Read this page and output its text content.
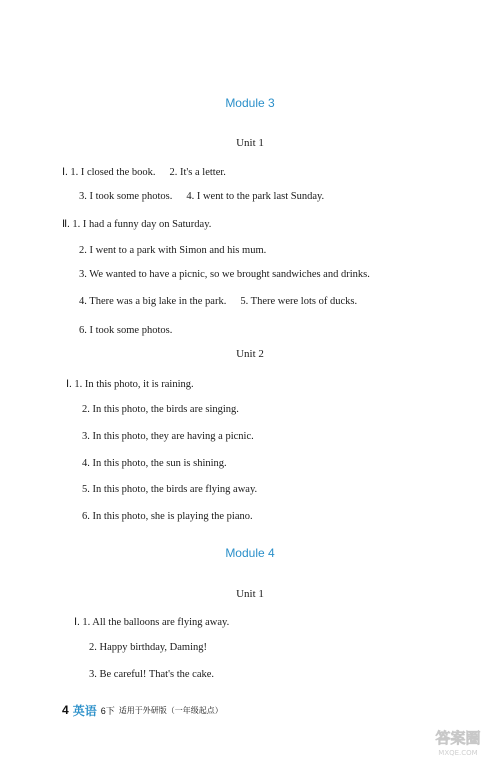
Module 3
Unit 1
Ⅰ. 1. I closed the book. 2. It's a letter.
3. I took some photos. 4. I went to the park last Sunday.
Ⅱ. 1. I had a funny day on Saturday.
2. I went to a park with Simon and his mum.
3. We wanted to have a picnic, so we brought sandwiches and drinks.
4. There was a big lake in the park. 5. There were lots of ducks.
6. I took some photos.
Unit 2
Ⅰ. 1. In this photo, it is raining.
2. In this photo, the birds are singing.
3. In this photo, they are having a picnic.
4. In this photo, the sun is shining.
5. In this photo, the birds are flying away.
6. In this photo, she is playing the piano.
Module 4
Unit 1
Ⅰ. 1. All the balloons are flying away.
2. Happy birthday, Daming!
3. Be careful! That's the cake.
4 英语 6下 适用于外研版（一年级起点）
答案圈
MXQE.COM
